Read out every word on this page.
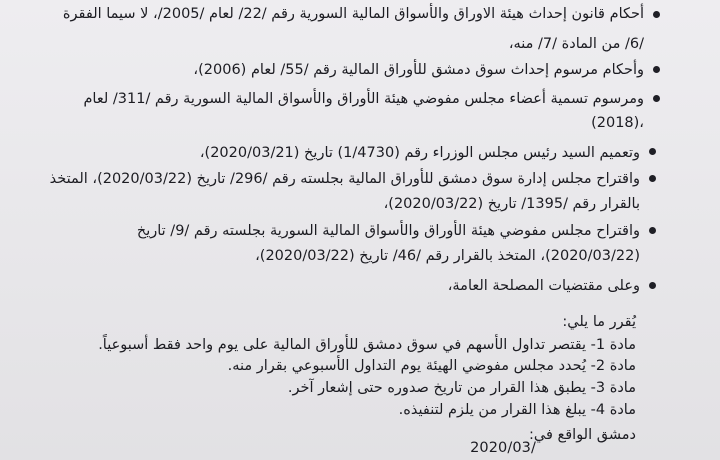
أحكام قانون إحداث هيئة الاوراق والأسواق المالية السورية رقم /22/ لعام /2005/، لا سيما الفقرة
/6/ من المادة /7/ منه،
وأحكام مرسوم إحداث سوق دمشق للأوراق المالية رقم /55/ لعام (2006)،
ومرسوم تسمية أعضاء مجلس مفوضي هيئة الأوراق والأسواق المالية السورية رقم /311/ لعام
(2018)،
وتعميم السيد رئيس مجلس الوزراء رقم (1/4730) تاريخ (2020/03/21)،
واقتراح مجلس إدارة سوق دمشق للأوراق المالية بجلسته رقم /296/ تاريخ (2020/03/22)، المتخذ
بالقرار رقم /1395/ تاريخ (2020/03/22)،
واقتراح مجلس مفوضي هيئة الأوراق والأسواق المالية السورية بجلسته رقم /9/ تاريخ
(2020/03/22)، المتخذ بالقرار رقم /46/ تاريخ (2020/03/22)،
وعلى مقتضيات المصلحة العامة،
يُقرر ما يلي:
مادة 1- يقتصر تداول الأسهم في سوق دمشق للأوراق المالية على يوم واحد فقط أسبوعياً.
مادة 2- يُحدد مجلس مفوضي الهيئة يوم التداول الأسبوعي بقرار منه.
مادة 3- يطبق هذا القرار من تاريخ صدوره حتى إشعار آخر.
مادة 4- يبلغ هذا القرار من يلزم لتنفيذه.
دمشق الواقع في:
2020/03/
